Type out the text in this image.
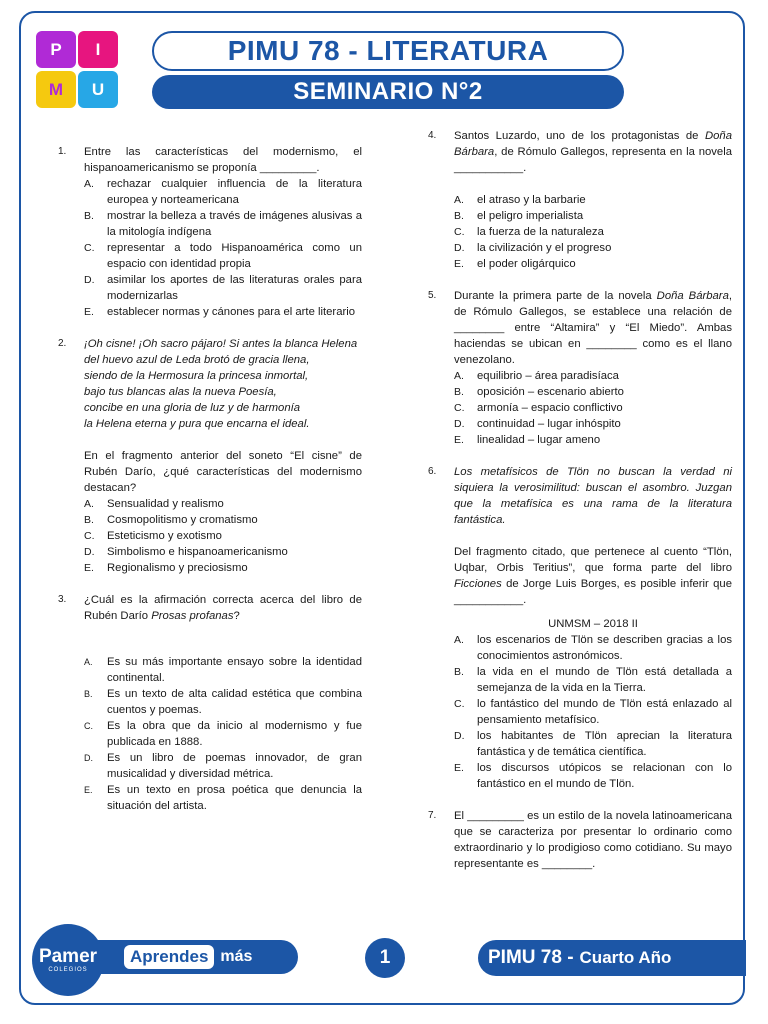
P	I
M	U
PIMU 78 - LITERATURA
SEMINARIO N°2
1. Entre las características del modernismo, el hispanoamericanismo se proponía _________.
A. rechazar cualquier influencia de la literatura europea y norteamericana
B. mostrar la belleza a través de imágenes alusivas a la mitología indígena
C. representar a todo Hispanoamérica como un espacio con identidad propia
D. asimilar los aportes de las literaturas orales para modernizarlas
E. establecer normas y cánones para el arte literario
2. ¡Oh cisne! ¡Oh sacro pájaro! Si antes la blanca Helena
del huevo azul de Leda brotó de gracia llena,
siendo de la Hermosura la princesa inmortal,
bajo tus blancas alas la nueva Poesía,
concibe en una gloria de luz y de harmonía
la Helena eterna y pura que encarna el ideal.
En el fragmento anterior del soneto “El cisne” de Rubén Darío, ¿qué características del modernismo destacan?
A. Sensualidad y realismo
B. Cosmopolitismo y cromatismo
C. Esteticismo y exotismo
D. Simbolismo e hispanoamericanismo
E. Regionalismo y preciosismo
3. ¿Cuál es la afirmación correcta acerca del libro de Rubén Darío Prosas profanas?
A. Es su más importante ensayo sobre la identidad continental.
B. Es un texto de alta calidad estética que combina cuentos y poemas.
C. Es la obra que da inicio al modernismo y fue publicada en 1888.
D. Es un libro de poemas innovador, de gran musicalidad y diversidad métrica.
E. Es un texto en prosa poética que denuncia la situación del artista.
4. Santos Luzardo, uno de los protagonistas de Doña Bárbara, de Rómulo Gallegos, representa en la novela ___________.
A. el atraso y la barbarie
B. el peligro imperialista
C. la fuerza de la naturaleza
D. la civilización y el progreso
E. el poder oligárquico
5. Durante la primera parte de la novela Doña Bárbara, de Rómulo Gallegos, se establece una relación de ________ entre “Altamira” y “El Miedo”. Ambas haciendas se ubican en ________ como es el llano venezolano.
A. equilibrio – área paradisíaca
B. oposición – escenario abierto
C. armonía – espacio conflictivo
D. continuidad – lugar inhóspito
E. linealidad – lugar ameno
6. Los metafísicos de Tlön no buscan la verdad ni siquiera la verosimilitud: buscan el asombro. Juzgan que la metafísica es una rama de la literatura fantástica.
Del fragmento citado, que pertenece al cuento “Tlön, Uqbar, Orbis Teritius”, que forma parte del libro Ficciones de Jorge Luis Borges, es posible inferir que ___________.
UNMSM – 2018 II
A. los escenarios de Tlön se describen gracias a los conocimientos astronómicos.
B. la vida en el mundo de Tlön está detallada a semejanza de la vida en la Tierra.
C. lo fantástico del mundo de Tlön está enlazado al pensamiento metafísico.
D. los habitantes de Tlön aprecian la literatura fantástica y de temática científica.
E. los discursos utópicos se relacionan con lo fantástico en el mundo de Tlön.
7. El _________ es un estilo de la novela latinoamericana que se caracteriza por presentar lo ordinario como extraordinario y lo prodigioso como cotidiano. Su mayo representante es ________.
Aprendes más
Pamer
COLEGIOS
1	PIMU 78 - Cuarto Año
